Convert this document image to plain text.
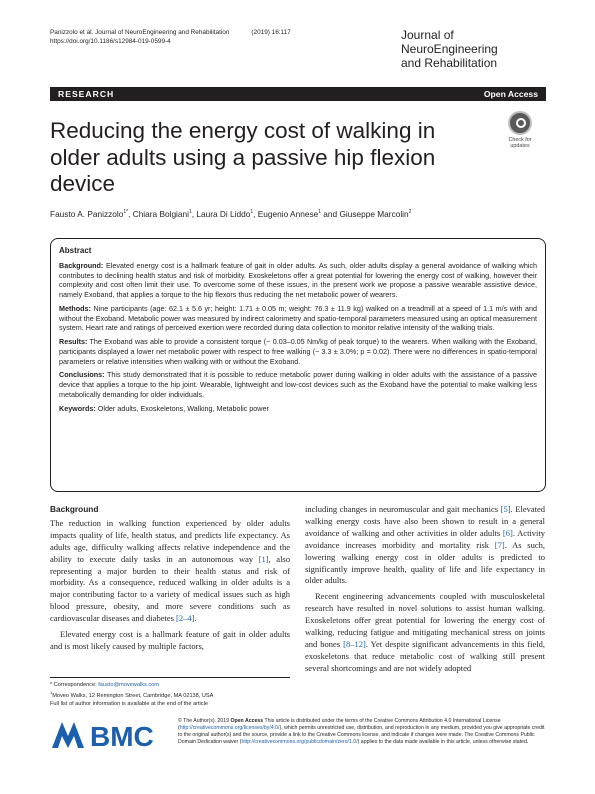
Panizzolo et al. Journal of NeuroEngineering and Rehabilitation	(2019) 16:117
https://doi.org/10.1186/s12984-019-0599-4	Journal of NeuroEngineering
and Rehabilitation
RESEARCH	Open Access
Reducing the energy cost of walking in older adults using a passive hip flexion device
Check for
updates
Fausto A. Panizzolo$^{1*}$, Chiara Bolgiani$^1$, Laura Di Liddo$^1$, Eugenio Annese$^1$ and Giuseppe Marcolin$^2$
Abstract

Background: Elevated energy cost is a hallmark feature of gait in older adults. As such, older adults display a general avoidance of walking which contributes to declining health status and risk of morbidity. Exoskeletons offer a great potential for lowering the energy cost of walking, however their complexity and cost often limit their use. To overcome some of these issues, in the present work we propose a passive wearable assistive device, namely Exoband, that applies a torque to the hip flexors thus reducing the net metabolic power of wearers.

Methods: Nine participants (age: 62.1 ± 5.6 yr; height: 1.71 ± 0.05 m; weight: 76.3 ± 11.9 kg) walked on a treadmill at a speed of 1.1 m/s with and without the Exoband. Metabolic power was measured by indirect calorimetry and spatio-temporal parameters measured using an optical measurement system. Heart rate and ratings of perceived exertion were recorded during data collection to monitor relative intensity of the walking trials.

Results: The Exoband was able to provide a consistent torque (~ 0.03–0.05 Nm/kg of peak torque) to the wearers. When walking with the Exoband, participants displayed a lower net metabolic power with respect to free walking (− 3.3 ± 3.0%; p = 0.02). There were no differences in spatio-temporal parameters or relative intensities when walking with or without the Exoband.

Conclusions: This study demonstrated that it is possible to reduce metabolic power during walking in older adults with the assistance of a passive device that applies a torque to the hip joint. Wearable, lightweight and low-cost devices such as the Exoband have the potential to make walking less metabolically demanding for older individuals.

Keywords: Older adults, Exoskeletons, Walking, Metabolic power

Background

The reduction in walking function experienced by older adults impacts quality of life, health status, and predicts life expectancy. As adults age, difficulty walking affects relative independence and the ability to execute daily tasks in an autonomous way [1], also representing a major burden to their health status and risk of morbidity. As a consequence, reduced walking in older adults is a major contributing factor to a variety of medical issues such as high blood pressure, obesity, and more severe conditions such as cardiovascular diseases and diabetes [2–4].

Elevated energy cost is a hallmark feature of gait in older adults and is most likely caused by multiple factors,

including changes in neuromuscular and gait mechanics [5]. Elevated walking energy costs have also been shown to result in a general avoidance of walking and other activities in older adults [6]. Activity avoidance increases morbidity and mortality risk [7]. As such, lowering walking energy cost in older adults is predicted to significantly improve health, quality of life and life expectancy in older adults.

Recent engineering advancements coupled with musculoskeletal research have resulted in novel solutions to assist human walking. Exoskeletons offer great potential for lowering the energy cost of walking, reducing fatigue and mitigating mechanical stress on joints and bones [8–12]. Yet despite significant advancements in this field, exoskeletons that reduce metabolic cost of walking still present several shortcomings and are not widely adopted

* Correspondence: fausto@movewalks.com
$^1$Moveo Walks, 12 Remington Street, Cambridge, MA 02138, USA
Full list of author information is available at the end of the article
BMC	© The Author(s). 2019 Open Access This article is distributed under the terms of the Creative Commons Attribution 4.0 International License (http://creativecommons.org/licenses/by/4.0/), which permits unrestricted use, distribution, and reproduction in any medium, provided you give appropriate credit to the original author(s) and the source, provide a link to the Creative Commons license, and indicate if changes were made. The Creative Commons Public Domain Dedication waiver (http://creativecommons.org/publicdomain/zero/1.0/) applies to the data made available in this article, unless otherwise stated.
